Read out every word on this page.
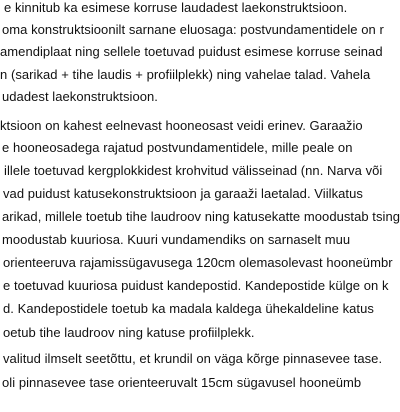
e kinnitub ka esimese korruse laudadest laekonstruktsioon.
oma konstruktsioonilt sarnane eluosaga: postvundamentidele on r
amendiplaat ning sellele toetuvad puidust esimese korruse seinad
n (sarikad + tihe laudis + profiilplekk) ning vahelae talad. Vahela
udadest laekonstruktsioon.
ktsioon on kahest eelnevast hooneosast veidi erinev. Garaažio
e hooneosadega rajatud postvundamentidele, mille peale on
illele toetuvad kergplokkidest krohvitud välisseinad (nn. Narva või
vad puidust katusekonstruktsioon ja garaaži laetalad. Viilkatus
arikad, millele toetub tihe laudroov ning katusekatte moodustab tsing
moodustab kuuriosa. Kuuri vundamendiks on sarnaselt muu
orienteeruva rajamissügavusega 120cm olemasolevast hooneümbr
e toetuvad kuuriosa puidust kandepostid. Kandepostide külge on k
d. Kandepostidele toetub ka madala kaldega ühekaldeline katus
oetub tihe laudroov ning katuse profiilplekk.
valitud ilmselt seetõttu, et krundil on väga kõrge pinnasevee tase.
oli pinnasevee tase orienteeruvalt 15cm sügavusel hooneümb
